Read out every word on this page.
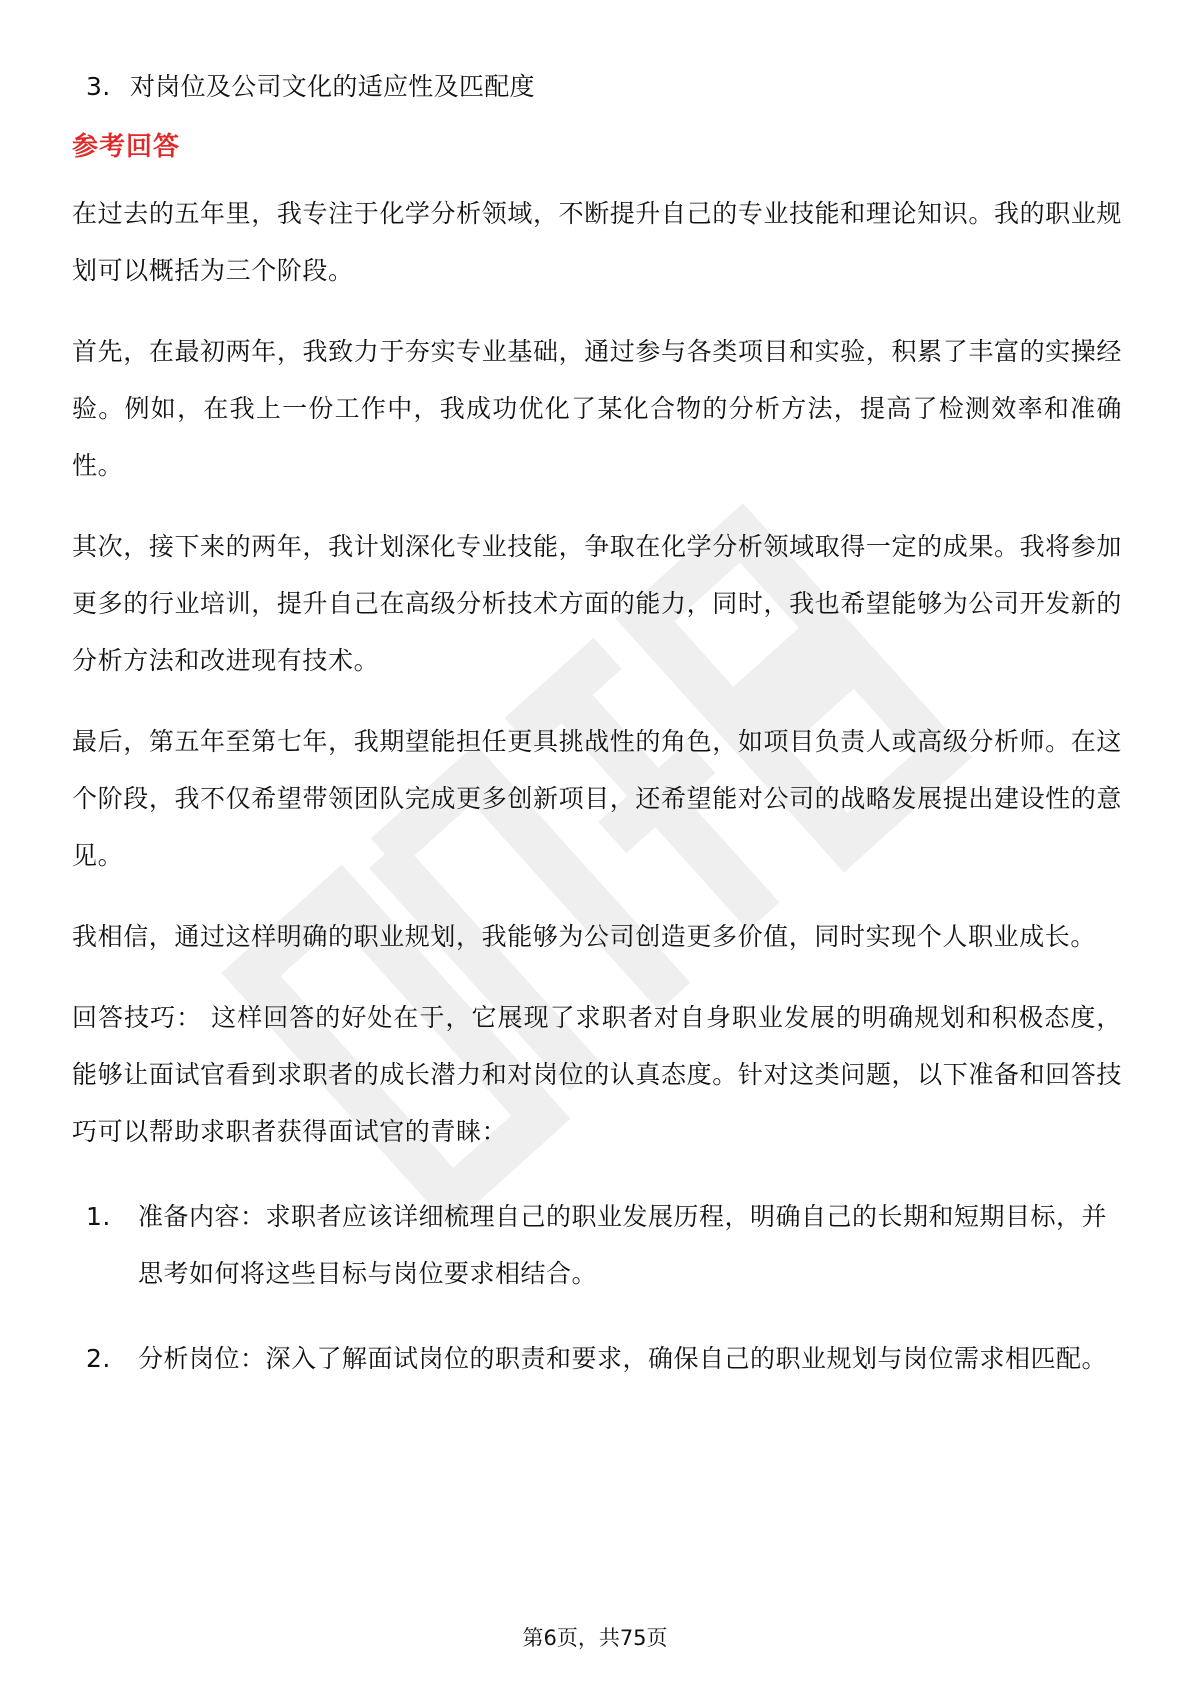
3. 对岗位及公司文化的适应性及匹配度
参考回答

在过去的五年里，我专注于化学分析领域，不断提升自己的专业技能和理论知识。我的职业规划可以概括为三个阶段。

首先，在最初两年，我致力于夯实专业基础，通过参与各类项目和实验，积累了丰富的实操经验。例如，在我上一份工作中，我成功优化了某化合物的分析方法，提高了检测效率和准确性。

其次，接下来的两年，我计划深化专业技能，争取在化学分析领域取得一定的成果。我将参加更多的行业培训，提升自己在高级分析技术方面的能力，同时，我也希望能够为公司开发新的分析方法和改进现有技术。

最后，第五年至第七年，我期望能担任更具挑战性的角色，如项目负责人或高级分析师。在这个阶段，我不仅希望带领团队完成更多创新项目，还希望能对公司的战略发展提出建设性的意见。

我相信，通过这样明确的职业规划，我能够为公司创造更多价值，同时实现个人职业成长。

回答技巧： 这样回答的好处在于，它展现了求职者对自身职业发展的明确规划和积极态度，能够让面试官看到求职者的成长潜力和对岗位的认真态度。针对这类问题，以下准备和回答技巧可以帮助求职者获得面试官的青睐：

1.	准备内容：求职者应该详细梳理自己的职业发展历程，明确自己的长期和短期目标，并思考如何将这些目标与岗位要求相结合。
2.	分析岗位：深入了解面试岗位的职责和要求，确保自己的职业规划与岗位需求相匹配。
第6页，共75页
